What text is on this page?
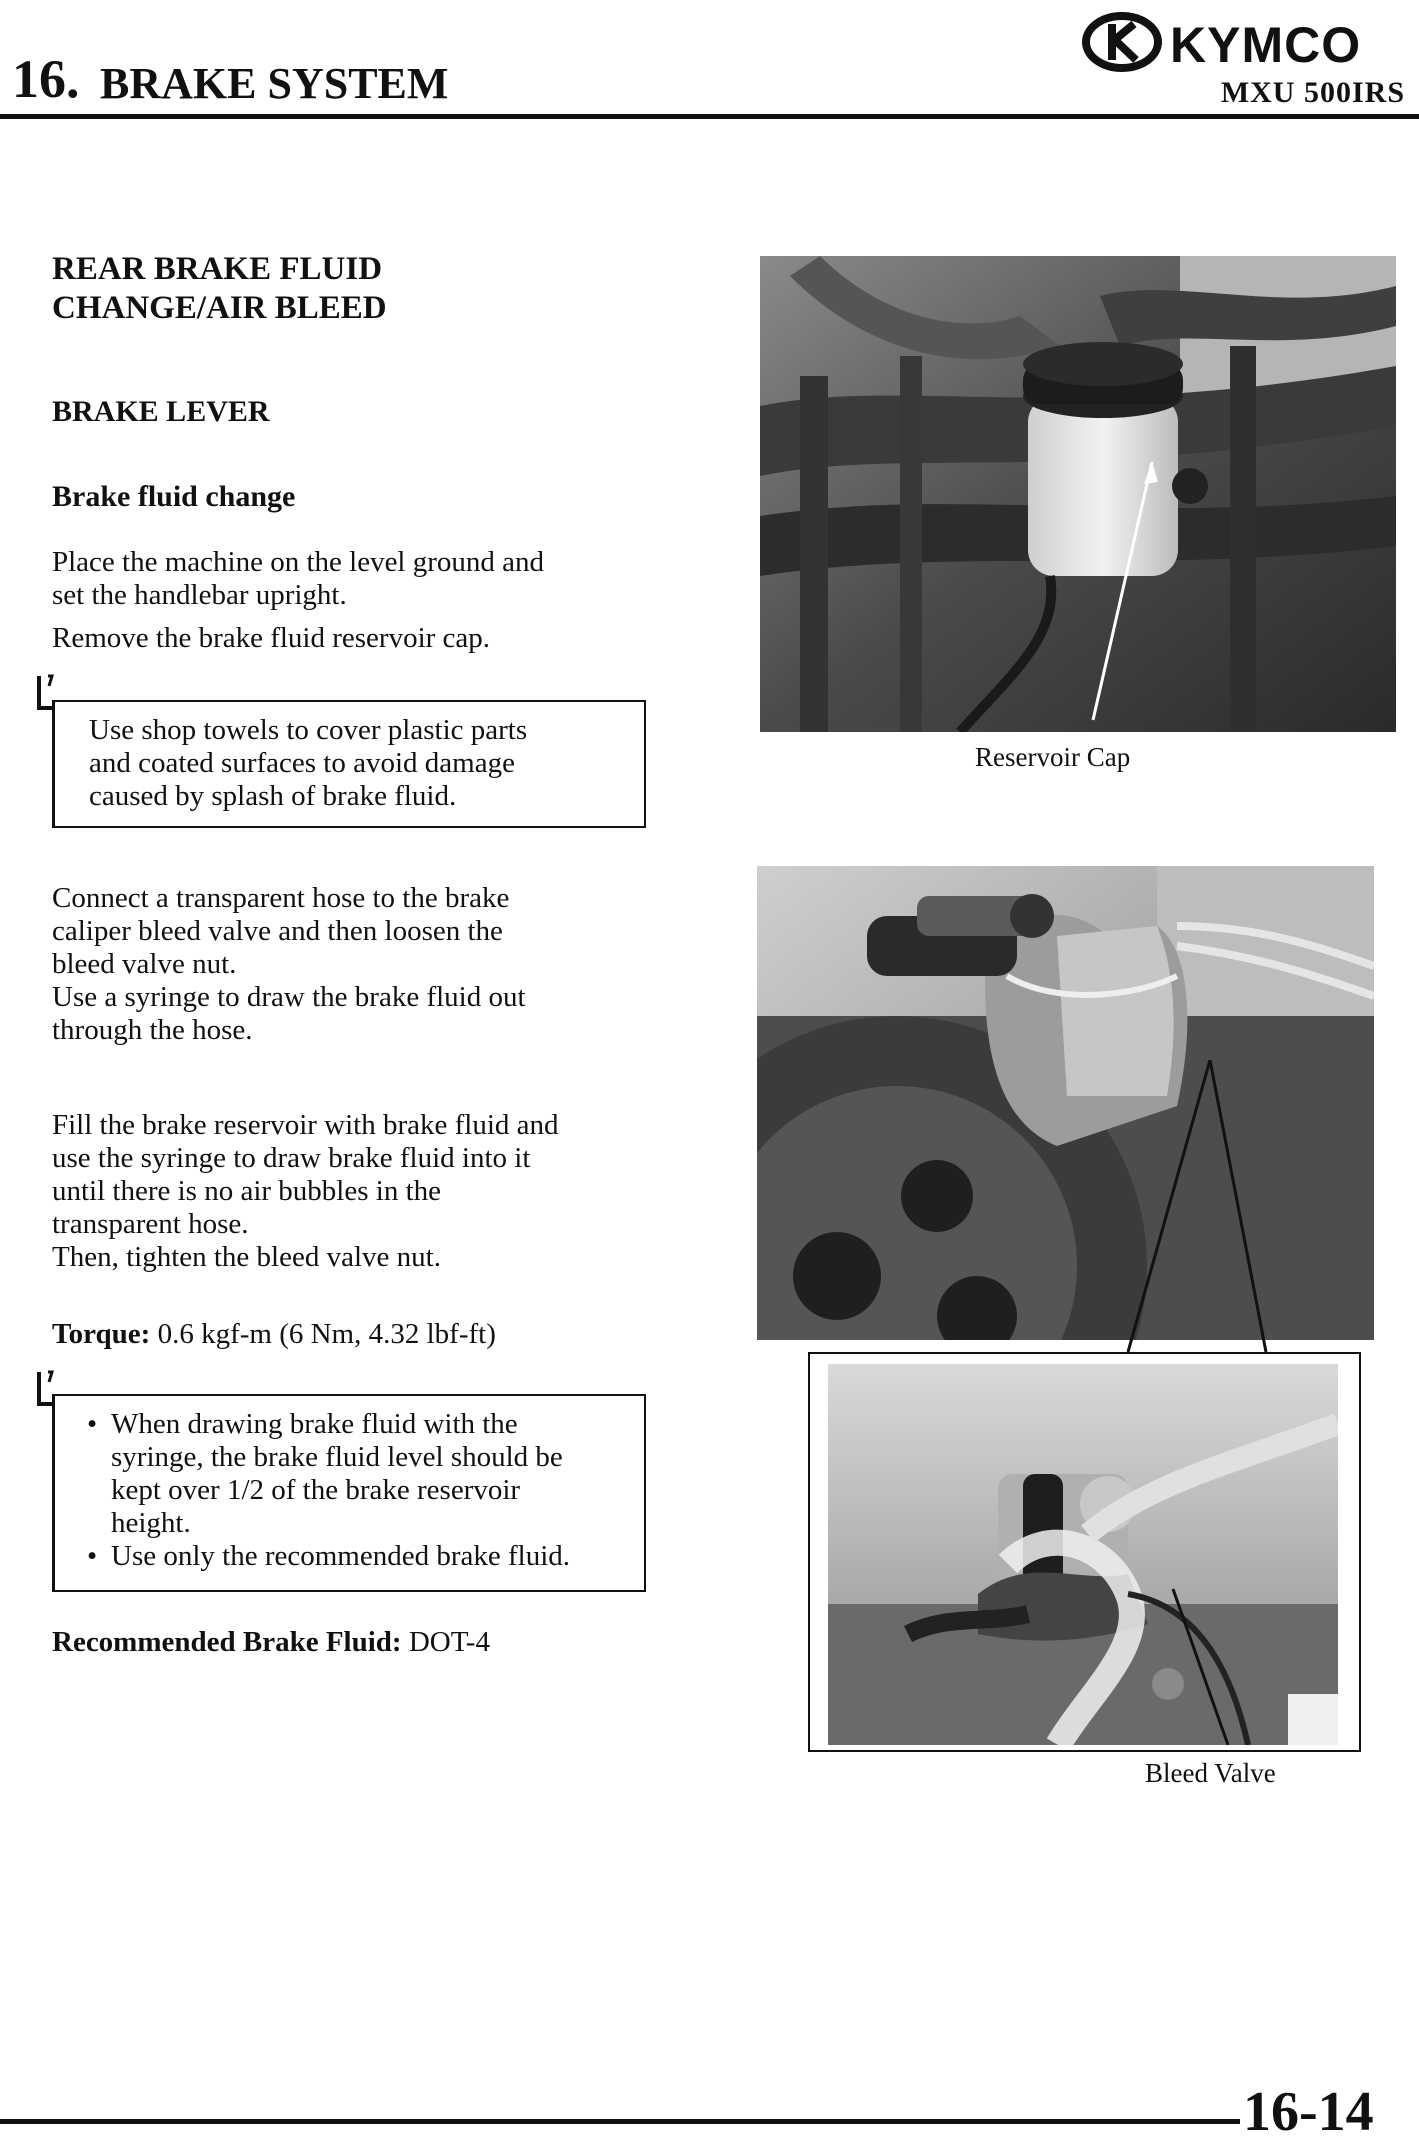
16. BRAKE SYSTEM
KYMCO
MXU 500IRS
REAR BRAKE FLUID
CHANGE/AIR BLEED
BRAKE LEVER
Brake fluid change
Place the machine on the level ground and
set the handlebar upright.
Remove the brake fluid reservoir cap.
Use shop towels to cover plastic parts
and coated surfaces to avoid damage
caused by splash of brake fluid.
Connect a transparent hose to the brake
caliper bleed valve and then loosen the
bleed valve nut.
Use a syringe to draw the brake fluid out
through the hose.
Fill the brake reservoir with brake fluid and
use the syringe to draw brake fluid into it
until there is no air bubbles in the
transparent hose.
Then, tighten the bleed valve nut.
Torque: 0.6 kgf-m (6 Nm, 4.32 lbf-ft)
• When drawing brake fluid with the
syringe, the brake fluid level should be
kept over 1/2 of the brake reservoir
height.
• Use only the recommended brake fluid.
Recommended Brake Fluid: DOT-4
Reservoir Cap
Bleed Valve
16-14
